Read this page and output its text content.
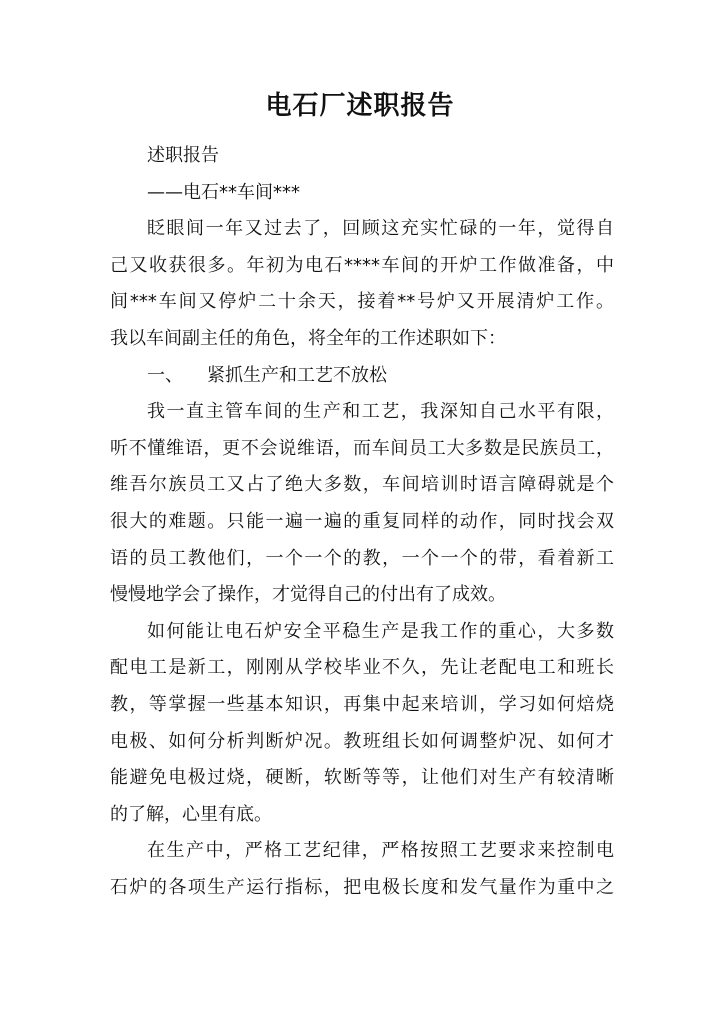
电石厂述职报告
述职报告
——电石**车间***
眨眼间一年又过去了，回顾这充实忙碌的一年，觉得自
己又收获很多。年初为电石****车间的开炉工作做准备，中
间***车间又停炉二十余天，接着**号炉又开展清炉工作。
我以车间副主任的角色，将全年的工作述职如下：
一、 紧抓生产和工艺不放松
我一直主管车间的生产和工艺，我深知自己水平有限，
听不懂维语，更不会说维语，而车间员工大多数是民族员工，
维吾尔族员工又占了绝大多数，车间培训时语言障碍就是个
很大的难题。只能一遍一遍的重复同样的动作，同时找会双
语的员工教他们，一个一个的教，一个一个的带，看着新工
慢慢地学会了操作，才觉得自己的付出有了成效。
如何能让电石炉安全平稳生产是我工作的重心，大多数
配电工是新工，刚刚从学校毕业不久，先让老配电工和班长
教，等掌握一些基本知识，再集中起来培训，学习如何焙烧
电极、如何分析判断炉况。教班组长如何调整炉况、如何才
能避免电极过烧，硬断，软断等等，让他们对生产有较清晰
的了解，心里有底。
在生产中，严格工艺纪律，严格按照工艺要求来控制电
石炉的各项生产运行指标，把电极长度和发气量作为重中之
